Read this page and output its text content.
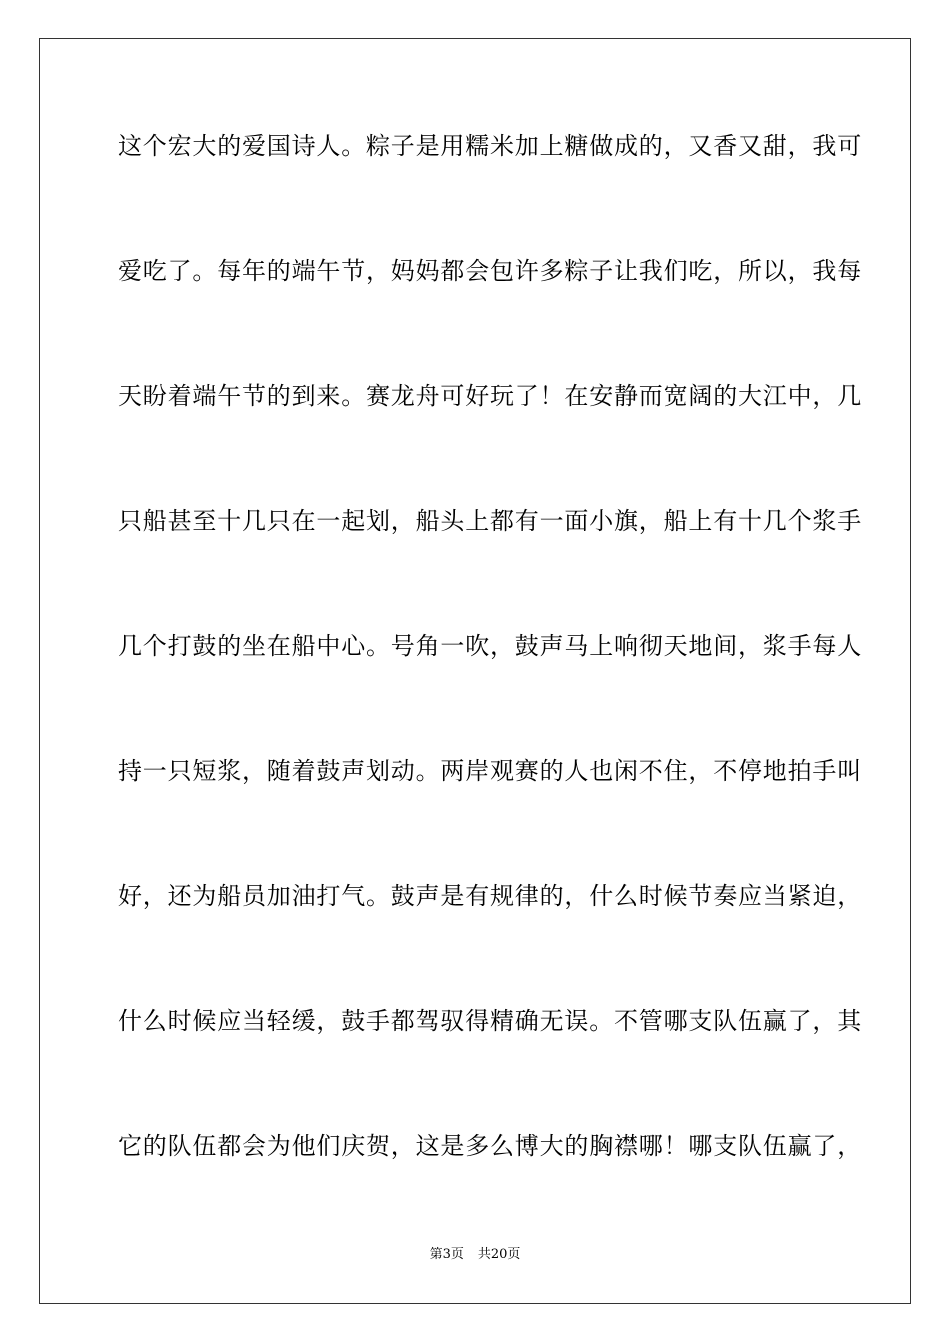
这个宏大的爱国诗人。粽子是用糯米加上糖做成的，又香又甜，我可
爱吃了。每年的端午节，妈妈都会包许多粽子让我们吃，所以，我每
天盼着端午节的到来。赛龙舟可好玩了！在安静而宽阔的大江中，几
只船甚至十几只在一起划，船头上都有一面小旗，船上有十几个浆手
几个打鼓的坐在船中心。号角一吹，鼓声马上响彻天地间，浆手每人
持一只短浆，随着鼓声划动。两岸观赛的人也闲不住，不停地拍手叫
好，还为船员加油打气。鼓声是有规律的，什么时候节奏应当紧迫，
什么时候应当轻缓，鼓手都驾驭得精确无误。不管哪支队伍赢了，其
它的队伍都会为他们庆贺，这是多么博大的胸襟哪！哪支队伍赢了，
第3页 共20页
